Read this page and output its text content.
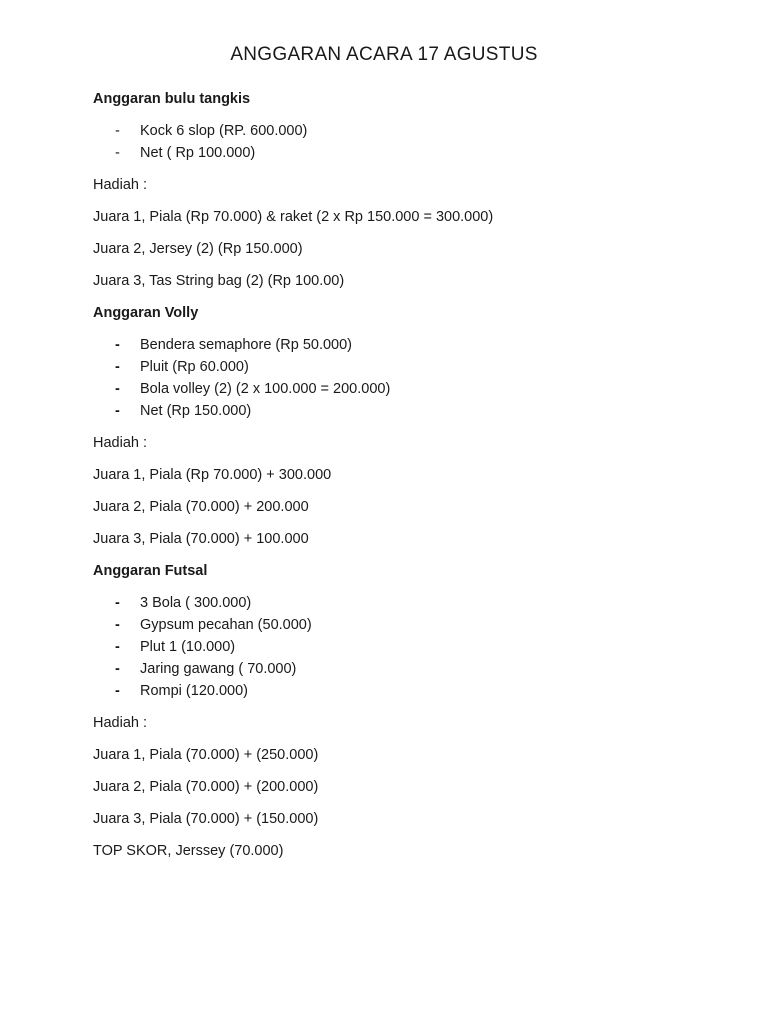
ANGGARAN ACARA 17 AGUSTUS
Anggaran bulu tangkis
- Kock 6 slop (RP. 600.000)
- Net ( Rp 100.000)
Hadiah :
Juara 1, Piala (Rp 70.000) & raket (2 x Rp 150.000 = 300.000)
Juara 2, Jersey (2) (Rp 150.000)
Juara 3, Tas String bag (2) (Rp 100.00)
Anggaran Volly
- Bendera semaphore (Rp 50.000)
- Pluit (Rp 60.000)
- Bola volley (2) (2 x 100.000 = 200.000)
- Net (Rp 150.000)
Hadiah :
Juara 1, Piala (Rp 70.000) + 300.000
Juara 2, Piala (70.000) + 200.000
Juara 3, Piala (70.000) + 100.000
Anggaran Futsal
- 3 Bola ( 300.000)
- Gypsum pecahan (50.000)
- Plut 1 (10.000)
- Jaring gawang ( 70.000)
- Rompi (120.000)
Hadiah :
Juara 1, Piala (70.000) + (250.000)
Juara 2, Piala (70.000) + (200.000)
Juara 3, Piala (70.000) + (150.000)
TOP SKOR, Jerssey (70.000)
